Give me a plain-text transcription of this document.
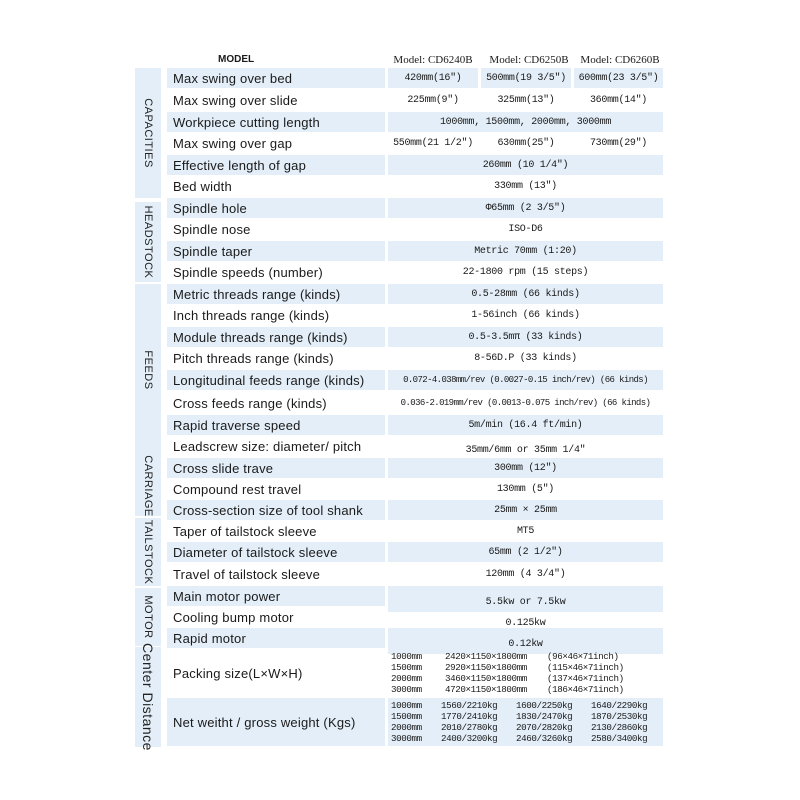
MODEL	Model: CD6240B	Model: CD6250B	Model: CD6260B
CAPACITIES
HEADSTOCK
FEEDS
CARRIAGE
TAILSTOCK
MOTOR
Center Distance
Max swing over bed	420mm(16")	500mm(19 3/5")	600mm(23 3/5")
Max swing over slide	225mm(9")	325mm(13")	360mm(14")
Workpiece cutting length	1000mm, 1500mm, 2000mm, 3000mm
Max swing over gap	550mm(21 1/2")	630mm(25")	730mm(29")
Effective length of gap	260mm (10 1/4")
Bed width	330mm (13")
Spindle hole	Φ65mm (2 3/5")
Spindle nose	ISO-D6
Spindle taper	Metric 70mm (1:20)
Spindle speeds (number)	22-1800 rpm (15 steps)
Metric threads range (kinds)	0.5-28mm (66 kinds)
Inch threads range (kinds)	1-56inch (66 kinds)
Module threads range (kinds)	0.5-3.5mπ (33 kinds)
Pitch threads range (kinds)	8-56D.P (33 kinds)
Longitudinal feeds range (kinds)	0.072-4.038mm/rev (0.0027-0.15 inch/rev) (66 kinds)
Cross feeds range (kinds)	0.036-2.019mm/rev (0.0013-0.075 inch/rev) (66 kinds)
Rapid traverse speed	5m/min (16.4 ft/min)
Leadscrew size: diameter/ pitch	35mm/6mm or 35mm 1/4"
Cross slide trave	300mm (12")
Compound rest travel	130mm (5")
Cross-section size of tool shank	25mm × 25mm
Taper of tailstock sleeve	MT5
Diameter of tailstock sleeve	65mm (2 1/2")
Travel of tailstock sleeve	120mm (4 3/4")
Main motor power	5.5kw or 7.5kw
Cooling bump motor	0.125kw
Rapid motor	0.12kw
Packing size(L×W×H)
1000mm	2420×1150×1800mm	(96×46×71inch)
1500mm	2920×1150×1800mm	(115×46×71inch)
2000mm	3460×1150×1800mm	(137×46×71inch)
3000mm	4720×1150×1800mm	(186×46×71inch)
Net weitht / gross weight (Kgs)
1000mm	1560/2210kg	1600/2250kg	1640/2290kg
1500mm	1770/2410kg	1830/2470kg	1870/2530kg
2000mm	2010/2780kg	2070/2820kg	2130/2860kg
3000mm	2400/3200kg	2460/3260kg	2580/3400kg
